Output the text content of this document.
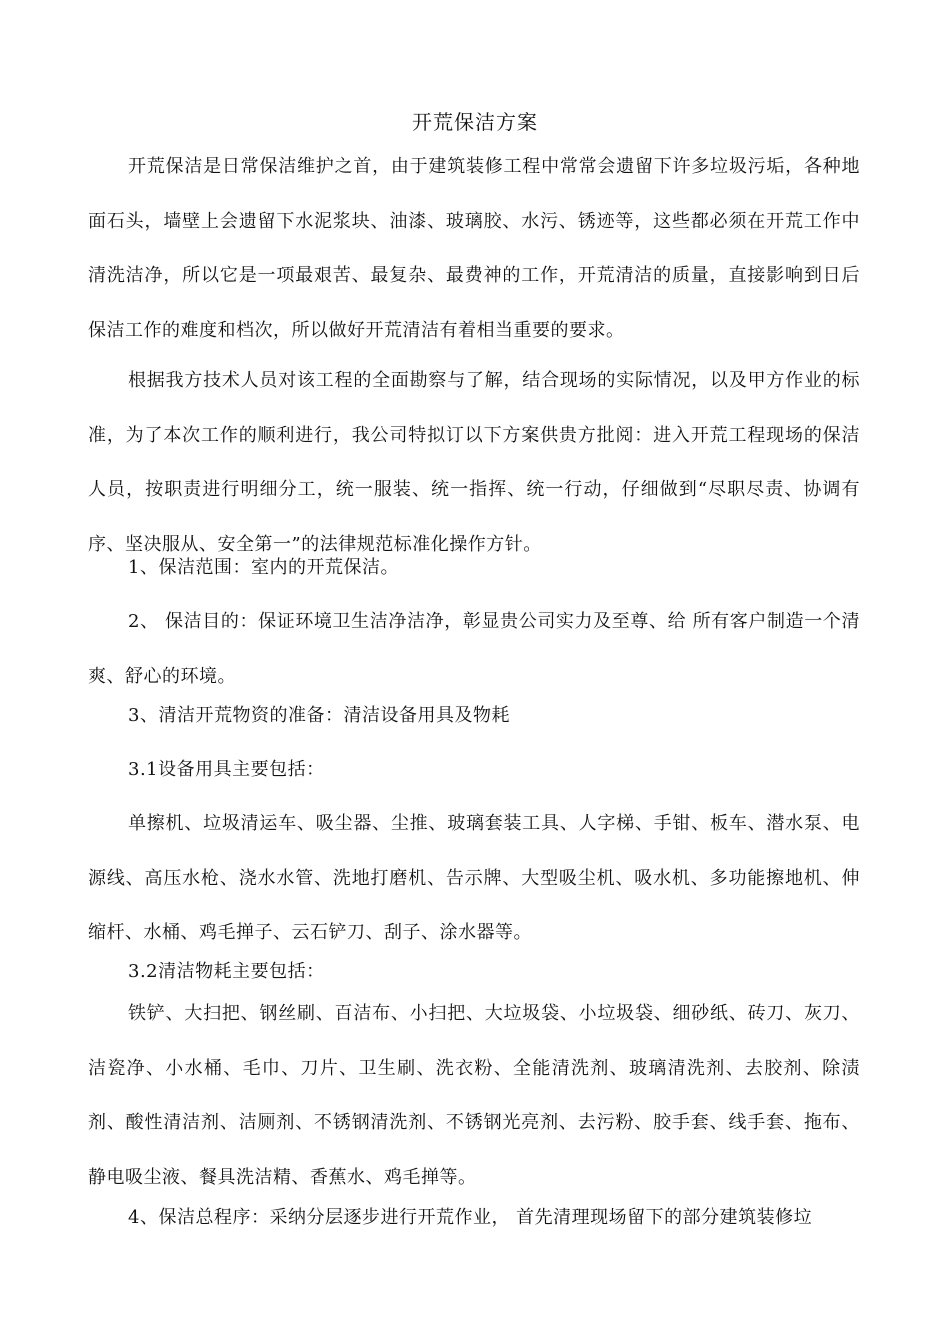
开荒保洁方案

开荒保洁是日常保洁维护之首，由于建筑装修工程中常常会遗留下许多垃圾污垢，各种地面石头，墙壁上会遗留下水泥浆块、油漆、玻璃胶、水污、锈迹等，这些都必须在开荒工作中清洗洁净，所以它是一项最艰苦、最复杂、最费神的工作，开荒清洁的质量，直接影响到日后保洁工作的难度和档次，所以做好开荒清洁有着相当重要的要求。

根据我方技术人员对该工程的全面勘察与了解，结合现场的实际情况，以及甲方作业的标准，为了本次工作的顺利进行，我公司特拟订以下方案供贵方批阅：进入开荒工程现场的保洁人员，按职责进行明细分工，统一服装、统一指挥、统一行动，仔细做到“尽职尽责、协调有序、坚决服从、安全第一”的法律规范标准化操作方针。

1、保洁范围：室内的开荒保洁。

2、 保洁目的：保证环境卫生洁净洁净，彰显贵公司实力及至尊、给 所有客户制造一个清爽、舒心的环境。

3、清洁开荒物资的准备：清洁设备用具及物耗

3.1设备用具主要包括：

单擦机、垃圾清运车、吸尘器、尘推、玻璃套装工具、人字梯、手钳、板车、潜水泵、电源线、高压水枪、浇水水管、洗地打磨机、告示牌、大型吸尘机、吸水机、多功能擦地机、伸缩杆、水桶、鸡毛掸子、云石铲刀、刮子、涂水器等。

3.2清洁物耗主要包括：

铁铲、大扫把、钢丝刷、百洁布、小扫把、大垃圾袋、小垃圾袋、细砂纸、砖刀、灰刀、洁瓷净、小水桶、毛巾、刀片、卫生刷、洗衣粉、全能清洗剂、玻璃清洗剂、去胶剂、除渍剂、酸性清洁剂、洁厕剂、不锈钢清洗剂、不锈钢光亮剂、去污粉、胶手套、线手套、拖布、静电吸尘液、餐具洗洁精、香蕉水、鸡毛掸等。

4、保洁总程序：采纳分层逐步进行开荒作业， 首先清理现场留下的部分建筑装修垃
